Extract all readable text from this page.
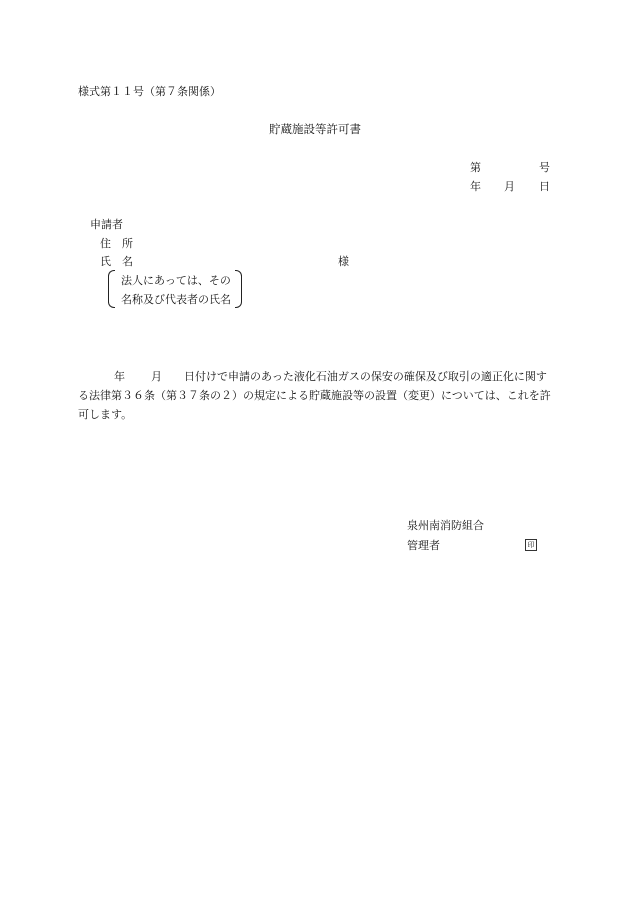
様式第１１号（第７条関係）
貯蔵施設等許可書
第	号
年 月 日
申請者
住　所
氏　名	様
法人にあっては、その
名称及び代表者の氏名
年 月 日付けで申請のあった液化石油ガスの保安の確保及び取引の適正化に関する法律第３６条（第３７条の２）の規定による貯蔵施設等の設置（変更）については、これを許可します。
泉州南消防組合
管理者	印
